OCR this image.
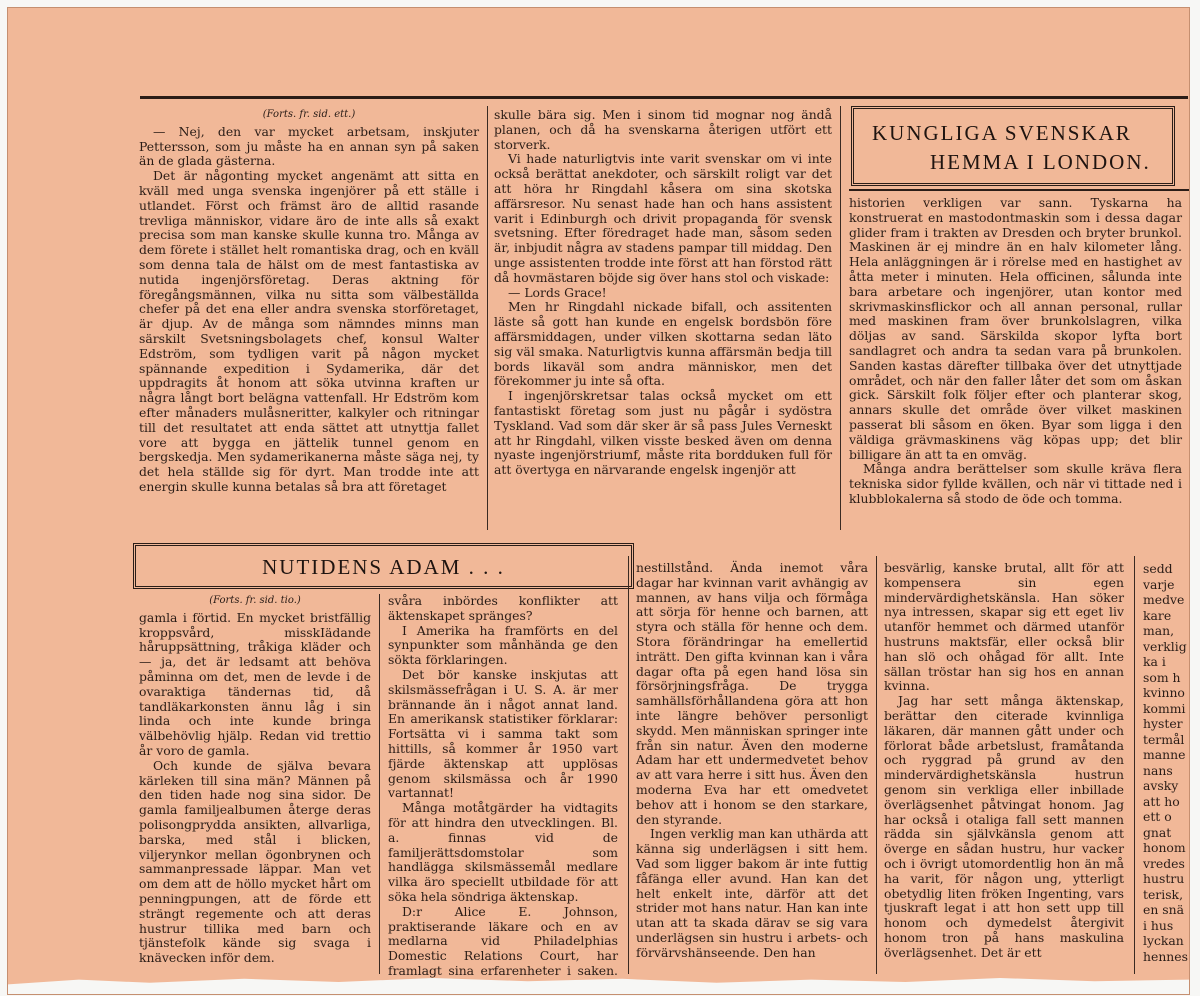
(Forts. fr. sid. ett.)

— Nej, den var mycket arbetsam, inskjuter Pettersson, som ju måste ha en annan syn på saken än de glada gästerna.

Det är någonting mycket angenämt att sitta en kväll med unga svenska ingenjörer på ett ställe i utlandet. Först och främst äro de alltid rasande trevliga människor, vidare äro de inte alls så exakt precisa som man kanske skulle kunna tro. Många av dem förete i stället helt romantiska drag, och en kväll som denna tala de hälst om de mest fantastiska av nutida ingenjörsföretag. Deras aktning för föregångsmännen, vilka nu sitta som välbeställda chefer på det ena eller andra svenska storföretaget, är djup. Av de många som nämndes minns man särskilt Svetsningsbolagets chef, konsul Walter Edström, som tydligen varit på någon mycket spännande expedition i Sydamerika, där det uppdragits åt honom att söka utvinna kraften ur några långt bort belägna vattenfall. Hr Edström kom efter månaders mulåsneritter, kalkyler och ritningar till det resultatet att enda sättet att utnyttja fallet vore att bygga en jättelik tunnel genom en bergskedja. Men sydamerikanerna måste säga nej, ty det hela ställde sig för dyrt. Man trodde inte att energin skulle kunna betalas så bra att företaget

skulle bära sig. Men i sinom tid mognar nog ändå planen, och då ha svenskarna återigen utfört ett storverk.

Vi hade naturligtvis inte varit svenskar om vi inte också berättat anekdoter, och särskilt roligt var det att höra hr Ringdahl kåsera om sina skotska affärsresor. Nu senast hade han och hans assistent varit i Edinburgh och drivit propaganda för svensk svetsning. Efter föredraget hade man, såsom seden är, inbjudit några av stadens pampar till middag. Den unge assistenten trodde inte först att han förstod rätt då hovmästaren böjde sig över hans stol och viskade:

— Lords Grace!

Men hr Ringdahl nickade bifall, och assitenten läste så gott han kunde en engelsk bordsbön före affärsmiddagen, under vilken skottarna sedan läto sig väl smaka. Naturligtvis kunna affärsmän bedja till bords likaväl som andra människor, men det förekommer ju inte så ofta.

I ingenjörskretsar talas också mycket om ett fantastiskt företag som just nu pågår i sydöstra Tyskland. Vad som där sker är så pass Jules Verneskt att hr Ringdahl, vilken visste besked även om denna nyaste ingenjörstriumf, måste rita bordduken full för att övertyga en närvarande engelsk ingenjör att

KUNGLIGA SVENSKAR
HEMMA I LONDON.

historien verkligen var sann. Tyskarna ha konstruerat en mastodontmaskin som i dessa dagar glider fram i trakten av Dresden och bryter brunkol. Maskinen är ej mindre än en halv kilometer lång. Hela anläggningen är i rörelse med en hastighet av åtta meter i minuten. Hela officinen, sålunda inte bara arbetare och ingenjörer, utan kontor med skrivmaskinsflickor och all annan personal, rullar med maskinen fram över brunkolslagren, vilka döljas av sand. Särskilda skopor lyfta bort sandlagret och andra ta sedan vara på brunkolen. Sanden kastas därefter tillbaka över det utnyttjade området, och när den faller låter det som om åskan gick. Särskilt folk följer efter och planterar skog, annars skulle det område över vilket maskinen passerat bli såsom en öken. Byar som ligga i den väldiga grävmaskinens väg köpas upp; det blir billigare än att ta en omväg.

Många andra berättelser som skulle kräva flera tekniska sidor fyllde kvällen, och när vi tittade ned i klubblokalerna så stodo de öde och tomma.

NUTIDENS ADAM . . .

(Forts. fr. sid. tio.)

gamla i förtid. En mycket bristfällig kroppsvård, misskIädande håruppsättning, tråkiga kläder och — ja, det är ledsamt att behöva påminna om det, men de levde i de ovaraktiga tändernas tid, då tandläkarkonsten ännu låg i sin linda och inte kunde bringa välbehövlig hjälp. Redan vid trettio år voro de gamla.

Och kunde de själva bevara kärleken till sina män? Männen på den tiden hade nog sina sidor. De gamla familjealbumen återge deras polisongprydda ansikten, allvarliga, barska, med stål i blicken, viljerynkor mellan ögonbrynen och sammanpressade läppar. Man vet om dem att de höllo mycket hårt om penningpungen, att de förde ett strängt regemente och att deras hustrur tillika med barn och tjänstefolk kände sig svaga i knävecken inför dem.

svåra inbördes konflikter att äktenskapet spränges?

I Amerika ha framförts en del synpunkter som månhända ge den sökta förklaringen.

Det bör kanske inskjutas att skilsmässefrågan i U. S. A. är mer brännande än i något annat land. En amerikansk statistiker förklarar: Fortsätta vi i samma takt som hittills, så kommer år 1950 vart fjärde äktenskap att upplösas genom skilsmässa och år 1990 vartannat!

Många motåtgärder ha vidtagits för att hindra den utvecklingen. Bl. a. finnas vid de familjerättsdomstolar som handlägga skilsmässemål medlare vilka äro speciellt utbildade för att söka hela söndriga äktenskap.

D:r Alice E. Johnson, praktiserande läkare och en av medlarna vid Philadelphias Domestic Relations Court, har framlagt sina erfarenheter i saken.

nestillstånd. Ända inemot våra dagar har kvinnan varit avhängig av mannen, av hans vilja och förmåga att sörja för henne och barnen, att styra och ställa för henne och dem. Stora förändringar ha emellertid inträtt. Den gifta kvinnan kan i våra dagar ofta på egen hand lösa sin försörjningsfråga. De trygga samhällsförhållandena göra att hon inte längre behöver personligt skydd. Men människan springer inte från sin natur. Även den moderne Adam har ett undermedvetet behov av att vara herre i sitt hus. Även den moderna Eva har ett omedvetet behov att i honom se den starkare, den styrande.

Ingen verklig man kan uthärda att känna sig underlägsen i sitt hem. Vad som ligger bakom är inte futtig fåfänga eller avund. Han kan det helt enkelt inte, därför att det strider mot hans natur. Han kan inte utan att ta skada därav se sig vara underlägsen sin hustru i arbets- och förvärvshänseende. Den han

besvärlig, kanske brutal, allt för att kompensera sin egen mindervärdighetskänsla. Han söker nya intressen, skapar sig ett eget liv utanför hemmet och därmed utanför hustruns maktsfär, eller också blir han slö och ohågad för allt. Inte sällan tröstar han sig hos en annan kvinna.

Jag har sett många äktenskap, berättar den citerade kvinnliga läkaren, där mannen gått under och förlorat både arbetslust, framåtanda och ryggrad på grund av den mindervärdighetskänsla hustrun genom sin verkliga eller inbillade överlägsenhet påtvingat honom. Jag har också i otaliga fall sett mannen rädda sin självkänsla genom att överge en sådan hustru, hur vacker och i övrigt utomordentlig hon än må ha varit, för någon ung, ytterligt obetydlig liten fröken Ingenting, vars tjuskraft legat i att hon sett upp till honom och dymedelst återgivit honom tron på hans maskulina överlägsenhet. Det är ett

sedd
varje
medve
kare
man,
verklig
ka i
som h
kvinno
kommi
hyster
termål
manne
nans
avsky
att ho
ett o
gnat
honom
vredes
hustru
terisk,
en snä
i hus
lyckan
hennes
